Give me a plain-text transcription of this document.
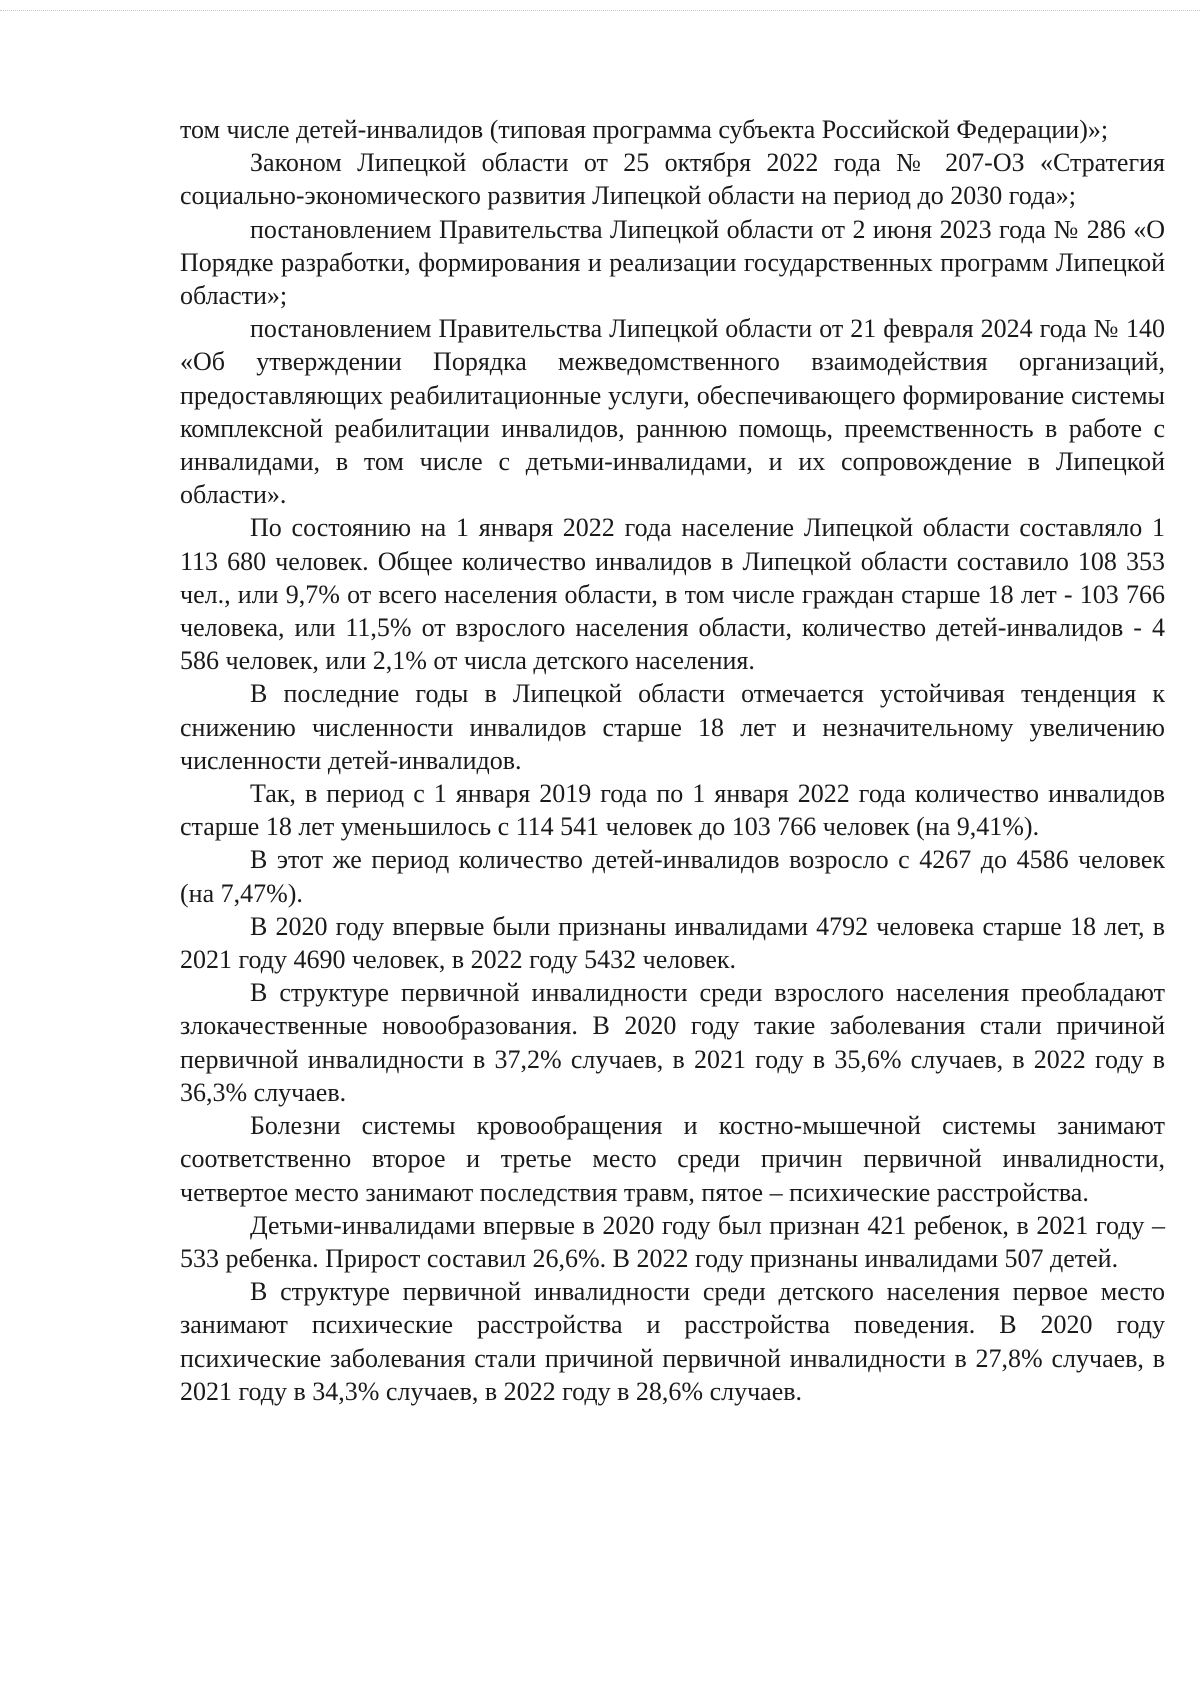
том числе детей-инвалидов (типовая программа субъекта Российской Федерации)»;

Законом Липецкой области от 25 октября 2022 года № 207-ОЗ «Стратегия социально-экономического развития Липецкой области на период до 2030 года»;

постановлением Правительства Липецкой области от 2 июня 2023 года № 286 «О Порядке разработки, формирования и реализации государственных программ Липецкой области»;

постановлением Правительства Липецкой области от 21 февраля 2024 года № 140 «Об утверждении Порядка межведомственного взаимодействия организаций, предоставляющих реабилитационные услуги, обеспечивающего формирование системы комплексной реабилитации инвалидов, раннюю помощь, преемственность в работе с инвалидами, в том числе с детьми-инвалидами, и их сопровождение в Липецкой области».

По состоянию на 1 января 2022 года население Липецкой области составляло 1 113 680 человек. Общее количество инвалидов в Липецкой области составило 108 353 чел., или 9,7% от всего населения области, в том числе граждан старше 18 лет - 103 766 человека, или 11,5% от взрослого населения области, количество детей-инвалидов - 4 586 человек, или 2,1% от числа детского населения.

В последние годы в Липецкой области отмечается устойчивая тенденция к снижению численности инвалидов старше 18 лет и незначительному увеличению численности детей-инвалидов.

Так, в период с 1 января 2019 года по 1 января 2022 года количество инвалидов старше 18 лет уменьшилось с 114 541 человек до 103 766 человек (на 9,41%).

В этот же период количество детей-инвалидов возросло с 4267 до 4586 человек (на 7,47%).

В 2020 году впервые были признаны инвалидами 4792 человека старше 18 лет, в 2021 году 4690 человек, в 2022 году 5432 человек.

В структуре первичной инвалидности среди взрослого населения преобладают злокачественные новообразования. В 2020 году такие заболевания стали причиной первичной инвалидности в 37,2% случаев, в 2021 году в 35,6% случаев, в 2022 году в 36,3% случаев.

Болезни системы кровообращения и костно-мышечной системы занимают соответственно второе и третье место среди причин первичной инвалидности, четвертое место занимают последствия травм, пятое – психические расстройства.

Детьми-инвалидами впервые в 2020 году был признан 421 ребенок, в 2021 году – 533 ребенка. Прирост составил 26,6%. В 2022 году признаны инвалидами 507 детей.

В структуре первичной инвалидности среди детского населения первое место занимают психические расстройства и расстройства поведения. В 2020 году психические заболевания стали причиной первичной инвалидности в 27,8% случаев, в 2021 году в 34,3% случаев, в 2022 году в 28,6% случаев.
